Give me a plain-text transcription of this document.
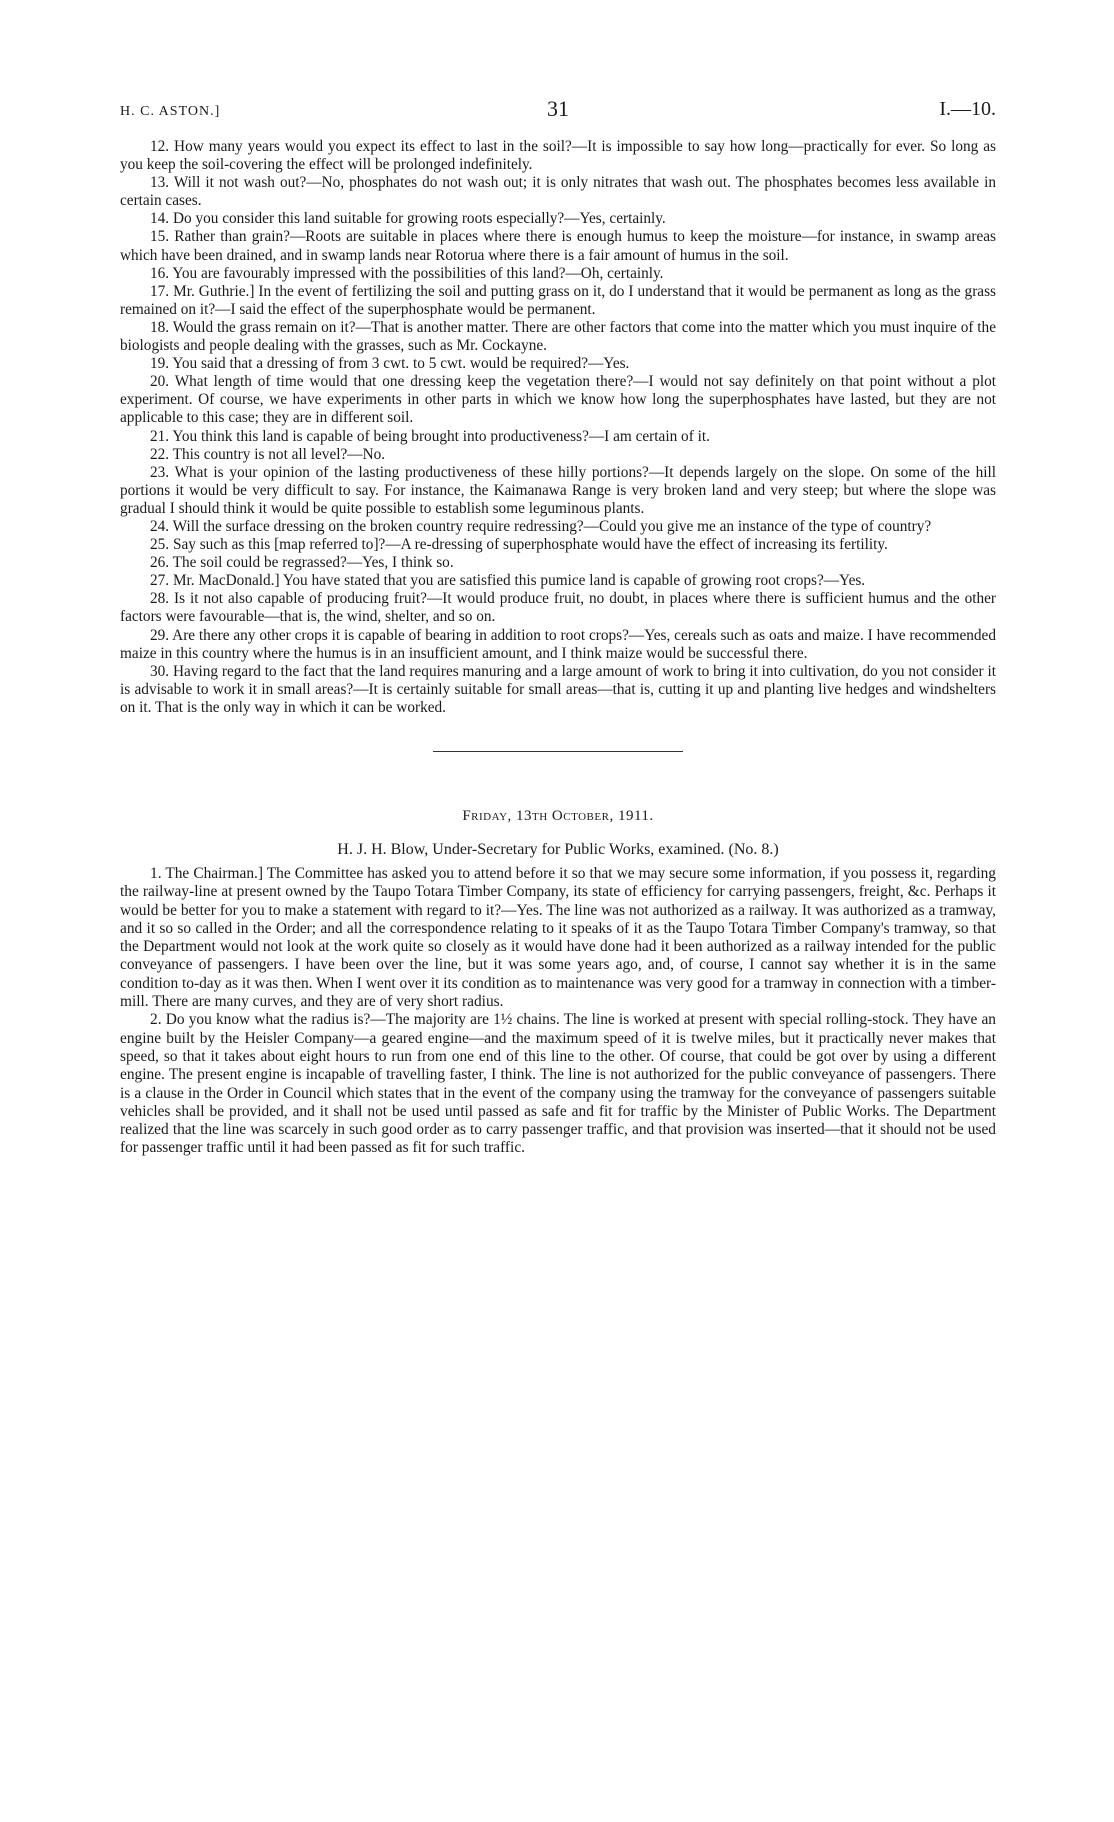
H. C. ASTON.]	31	I.—10.

12. How many years would you expect its effect to last in the soil?—It is impossible to say how long—practically for ever. So long as you keep the soil-covering the effect will be prolonged indefinitely.

13. Will it not wash out?—No, phosphates do not wash out; it is only nitrates that wash out. The phosphates becomes less available in certain cases.

14. Do you consider this land suitable for growing roots especially?—Yes, certainly.

15. Rather than grain?—Roots are suitable in places where there is enough humus to keep the moisture—for instance, in swamp areas which have been drained, and in swamp lands near Rotorua where there is a fair amount of humus in the soil.

16. You are favourably impressed with the possibilities of this land?—Oh, certainly.

17. Mr. Guthrie.] In the event of fertilizing the soil and putting grass on it, do I understand that it would be permanent as long as the grass remained on it?—I said the effect of the superphosphate would be permanent.

18. Would the grass remain on it?—That is another matter. There are other factors that come into the matter which you must inquire of the biologists and people dealing with the grasses, such as Mr. Cockayne.

19. You said that a dressing of from 3 cwt. to 5 cwt. would be required?—Yes.

20. What length of time would that one dressing keep the vegetation there?—I would not say definitely on that point without a plot experiment. Of course, we have experiments in other parts in which we know how long the superphosphates have lasted, but they are not applicable to this case; they are in different soil.

21. You think this land is capable of being brought into productiveness?—I am certain of it.

22. This country is not all level?—No.

23. What is your opinion of the lasting productiveness of these hilly portions?—It depends largely on the slope. On some of the hill portions it would be very difficult to say. For instance, the Kaimanawa Range is very broken land and very steep; but where the slope was gradual I should think it would be quite possible to establish some leguminous plants.

24. Will the surface dressing on the broken country require redressing?—Could you give me an instance of the type of country?

25. Say such as this [map referred to]?—A re-dressing of superphosphate would have the effect of increasing its fertility.

26. The soil could be regrassed?—Yes, I think so.

27. Mr. MacDonald.] You have stated that you are satisfied this pumice land is capable of growing root crops?—Yes.

28. Is it not also capable of producing fruit?—It would produce fruit, no doubt, in places where there is sufficient humus and the other factors were favourable—that is, the wind, shelter, and so on.

29. Are there any other crops it is capable of bearing in addition to root crops?—Yes, cereals such as oats and maize. I have recommended maize in this country where the humus is in an insufficient amount, and I think maize would be successful there.

30. Having regard to the fact that the land requires manuring and a large amount of work to bring it into cultivation, do you not consider it is advisable to work it in small areas?—It is certainly suitable for small areas—that is, cutting it up and planting live hedges and windshelters on it. That is the only way in which it can be worked.

Friday, 13th October, 1911.
H. J. H. Blow, Under-Secretary for Public Works, examined. (No. 8.)

1. The Chairman.] The Committee has asked you to attend before it so that we may secure some information, if you possess it, regarding the railway-line at present owned by the Taupo Totara Timber Company, its state of efficiency for carrying passengers, freight, &c. Perhaps it would be better for you to make a statement with regard to it?—Yes. The line was not authorized as a railway. It was authorized as a tramway, and it so so called in the Order; and all the correspondence relating to it speaks of it as the Taupo Totara Timber Company's tramway, so that the Department would not look at the work quite so closely as it would have done had it been authorized as a railway intended for the public conveyance of passengers. I have been over the line, but it was some years ago, and, of course, I cannot say whether it is in the same condition to-day as it was then. When I went over it its condition as to maintenance was very good for a tramway in connection with a timber-mill. There are many curves, and they are of very short radius.

2. Do you know what the radius is?—The majority are 1½ chains. The line is worked at present with special rolling-stock. They have an engine built by the Heisler Company—a geared engine—and the maximum speed of it is twelve miles, but it practically never makes that speed, so that it takes about eight hours to run from one end of this line to the other. Of course, that could be got over by using a different engine. The present engine is incapable of travelling faster, I think. The line is not authorized for the public conveyance of passengers. There is a clause in the Order in Council which states that in the event of the company using the tramway for the conveyance of passengers suitable vehicles shall be provided, and it shall not be used until passed as safe and fit for traffic by the Minister of Public Works. The Department realized that the line was scarcely in such good order as to carry passenger traffic, and that provision was inserted—that it should not be used for passenger traffic until it had been passed as fit for such traffic.
